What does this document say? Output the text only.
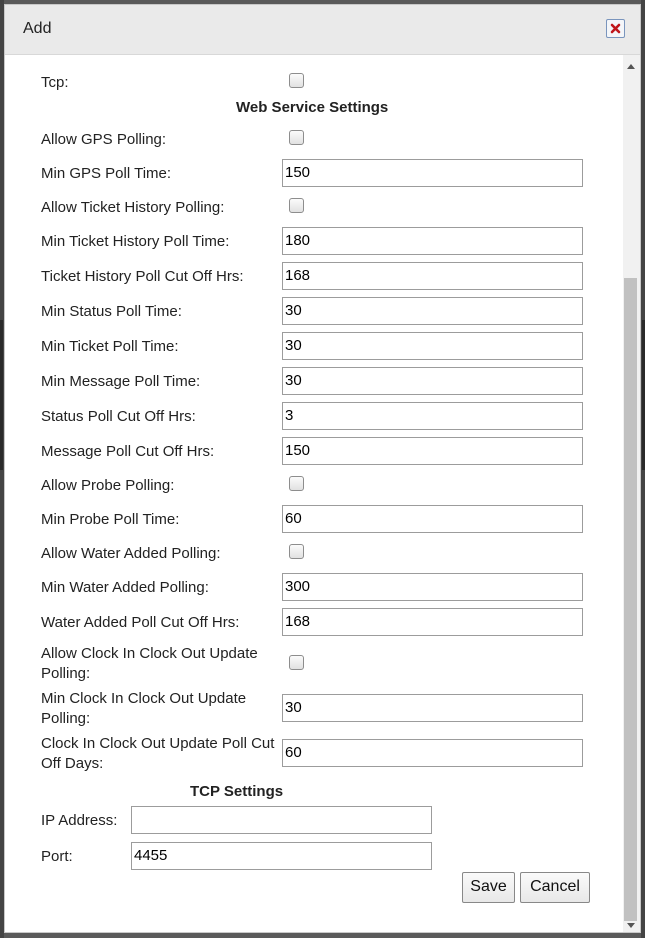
Add
Tcp:
Web Service Settings
Allow GPS Polling:
Min GPS Poll Time:	150
Allow Ticket History Polling:
Min Ticket History Poll Time:	180
Ticket History Poll Cut Off Hrs:	168
Min Status Poll Time:	30
Min Ticket Poll Time:	30
Min Message Poll Time:	30
Status Poll Cut Off Hrs:	3
Message Poll Cut Off Hrs:	150
Allow Probe Polling:
Min Probe Poll Time:	60
Allow Water Added Polling:
Min Water Added Polling:	300
Water Added Poll Cut Off Hrs:	168
Allow Clock In Clock Out Update Polling:
Min Clock In Clock Out Update Polling:
30
Clock In Clock Out Update Poll Cut Off Days:
60
TCP Settings
IP Address:
Port:	4455
Save	Cancel
